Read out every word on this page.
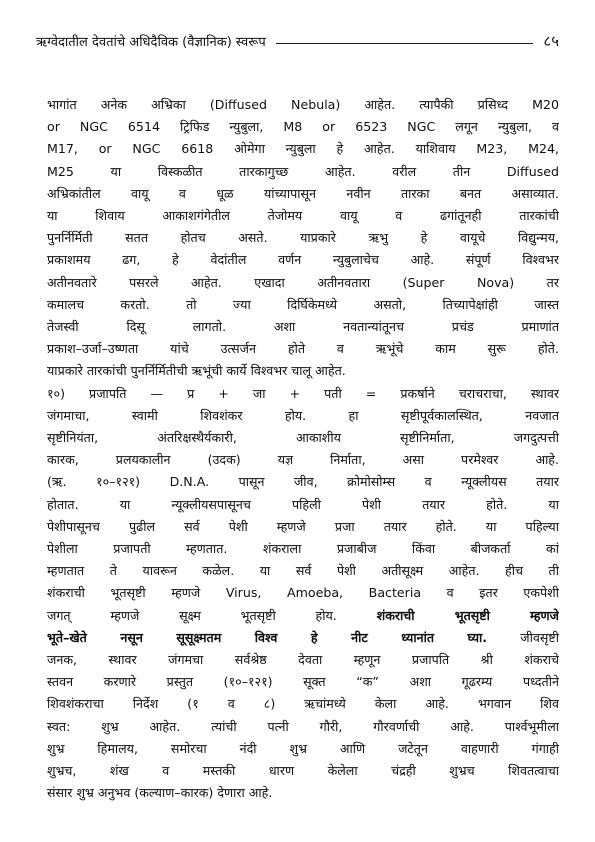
ऋग्वेदातील देवतांचे अधिदैविक (वैज्ञानिक) स्वरूप	८५
भागांत अनेक अभ्रिका (Diffused Nebula) आहेत. त्यापैकी प्रसिध्द M20
or NGC 6514 ट्रिफिड न्युबुला, M8 or 6523 NGC लगून न्युबुला, व
M17, or NGC 6618 ओमेगा न्युबुला हे आहेत. याशिवाय M23, M24,
M25 या विस्कळीत तारकागुच्छ आहेत. वरील तीन Diffused
अभ्रिकांतील वायू व धूळ यांच्यापासून नवीन तारका बनत असाव्यात.
या शिवाय आकाशगंगेतील तेजोमय वायू व ढगांतूनही तारकांची
पुनर्निर्मिती सतत होतच असते. याप्रकारे ऋभु हे वायूचे विद्युन्मय,
प्रकाशमय ढग, हे वेदांतील वर्णन न्युबुलाचेच आहे. संपूर्ण विश्वभर
अतीनवतारे पसरले आहेत. एखादा अतीनवतारा (Super Nova) तर
कमालच करतो. तो ज्या दिर्घिकेमध्ये असतो, तिच्यापेक्षांही जास्त
तेजस्वी दिसू लागतो. अशा नवतान्यांतूनच प्रचंड प्रमाणांत
प्रकाश–उर्जा–उष्णता यांचे उत्सर्जन होते व ऋभूंचे काम सुरू होते.
याप्रकारे तारकांची पुनर्निर्मितीची ऋभूंची कार्ये विश्वभर चालू आहेत.
१०) प्रजापति — प्र + जा + पती = प्रकर्षाने चराचराचा, स्थावर
जंगमाचा, स्वामी शिवशंकर होय. हा सृष्टीपूर्वकालस्थित, नवजात
सृष्टीनियंता, अंतरिक्षस्थैर्यकारी, आकाशीय सृष्टीनिर्माता, जगदुत्पत्ती
कारक, प्रलयकालीन (उदक) यज्ञ निर्माता, असा परमेश्वर आहे.
(ऋ. १०–१२१) D.N.A. पासून जीव, क्रोमोसोम्स व न्यूक्लीयस तयार
होतात. या न्यूक्लीयसपासूनच पहिली पेशी तयार होते. या
पेशीपासूनच पुढील सर्व पेशी म्हणजे प्रजा तयार होते. या पहिल्या
पेशीला प्रजापती म्हणतात. शंकराला प्रजाबीज किंवा बीजकर्ता कां
म्हणतात ते यावरून कळेल. या सर्व पेशी अतीसूक्ष्म आहेत. हीच ती
शंकराची भूतसृष्टी म्हणजे Virus, Amoeba, Bacteria व इतर एकपेशी
जगत् म्हणजे सूक्ष्म भूतसृष्टी होय.	शंकराची भूतसृष्टी म्हणजे
भूते–खेते नसून सूसूक्ष्मतम विश्व हे नीट ध्यानांत घ्या.	जीवसृष्टी
जनक, स्थावर जंगमचा सर्वश्रेष्ठ देवता म्हणून प्रजापति श्री शंकराचे
स्तवन करणारे प्रस्तुत (१०–१२१) सूक्त “क” अशा गूढरम्य पध्दतीने
शिवशंकराचा निर्देश (१ व ८) ऋचांमध्ये केला आहे. भगवान शिव
स्वत: शुभ्र आहेत. त्यांची पत्नी गौरी, गौरवर्णाची आहे. पार्श्वभूमीला
शुभ्र हिमालय, समोरचा नंदी शुभ्र आणि जटेतून वाहणारी गंगाही
शुभ्रच, शंख व मस्तकी धारण केलेला चंद्रही शुभ्रच शिवतत्वाचा
संसार शुभ्र अनुभव (कल्याण–कारक) देणारा आहे.
